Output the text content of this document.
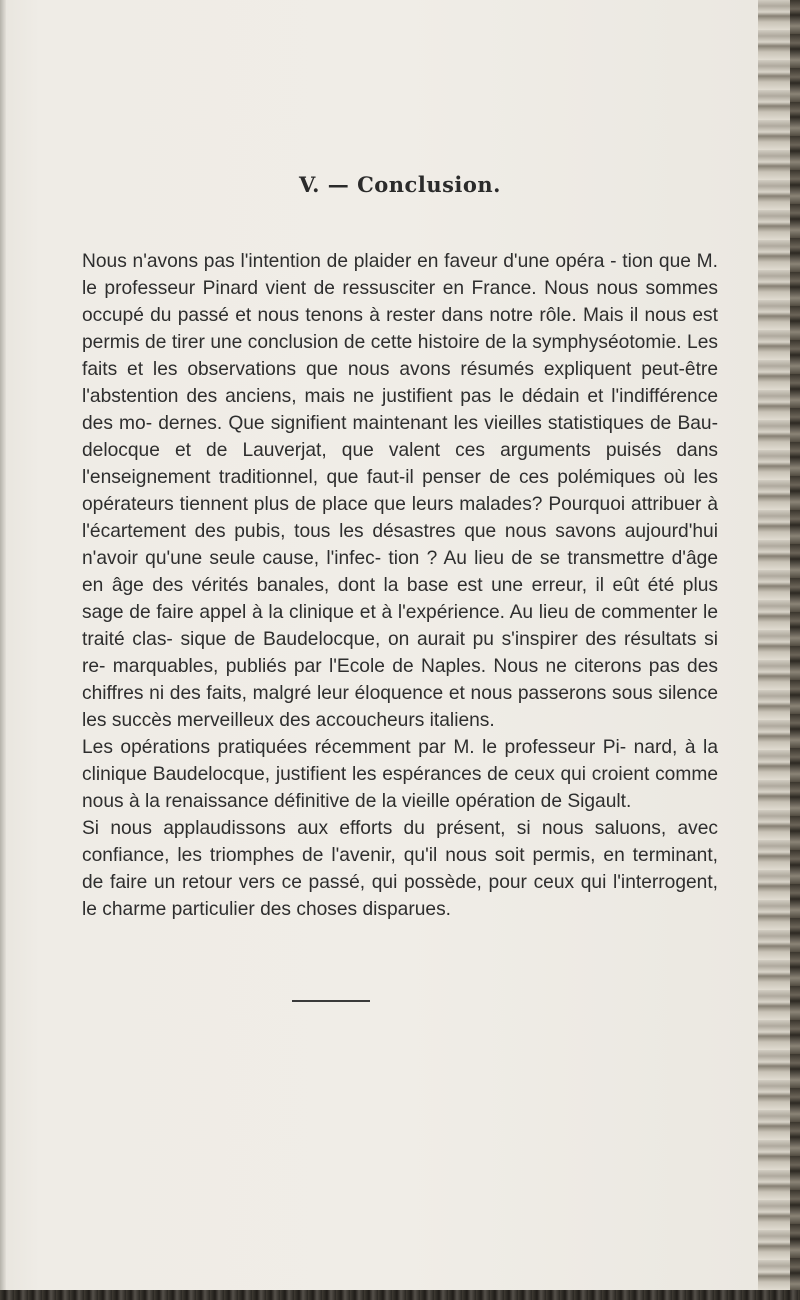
V. — Conclusion.

Nous n'avons pas l'intention de plaider en faveur d'une opéra - tion que M. le professeur Pinard vient de ressusciter en France. Nous nous sommes occupé du passé et nous tenons à rester dans notre rôle. Mais il nous est permis de tirer une conclusion de cette histoire de la symphyséotomie. Les faits et les observations que nous avons résumés expliquent peut-être l'abstention des anciens, mais ne justifient pas le dédain et l'indifférence des mo- dernes. Que signifient maintenant les vieilles statistiques de Bau- delocque et de Lauverjat, que valent ces arguments puisés dans l'enseignement traditionnel, que faut-il penser de ces polémiques où les opérateurs tiennent plus de place que leurs malades? Pourquoi attribuer à l'écartement des pubis, tous les désastres que nous savons aujourd'hui n'avoir qu'une seule cause, l'infec- tion ? Au lieu de se transmettre d'âge en âge des vérités banales, dont la base est une erreur, il eût été plus sage de faire appel à la clinique et à l'expérience. Au lieu de commenter le traité clas- sique de Baudelocque, on aurait pu s'inspirer des résultats si re- marquables, publiés par l'Ecole de Naples. Nous ne citerons pas des chiffres ni des faits, malgré leur éloquence et nous passerons sous silence les succès merveilleux des accoucheurs italiens.

Les opérations pratiquées récemment par M. le professeur Pi- nard, à la clinique Baudelocque, justifient les espérances de ceux qui croient comme nous à la renaissance définitive de la vieille opération de Sigault.

Si nous applaudissons aux efforts du présent, si nous saluons, avec confiance, les triomphes de l'avenir, qu'il nous soit permis, en terminant, de faire un retour vers ce passé, qui possède, pour ceux qui l'interrogent, le charme particulier des choses disparues.
